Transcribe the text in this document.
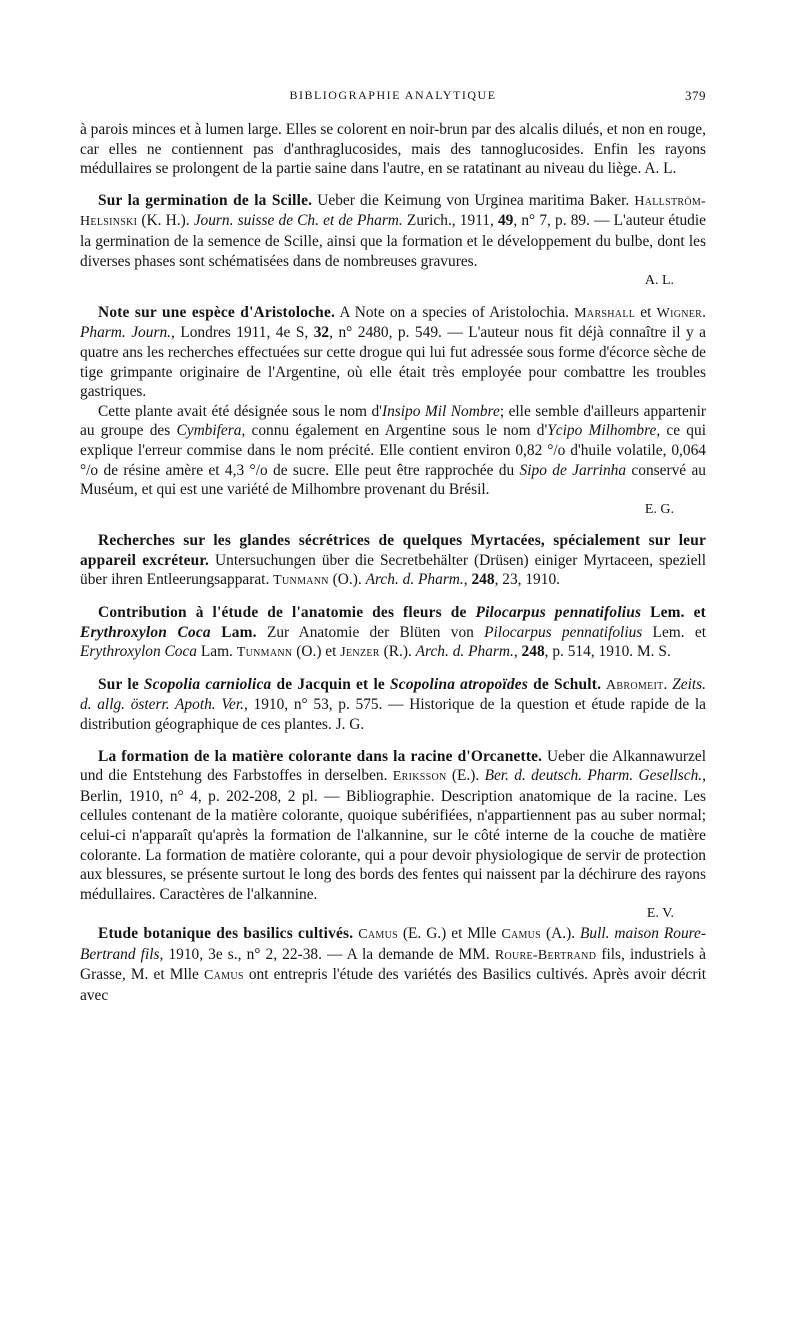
BIBLIOGRAPHIE ANALYTIQUE	379

à parois minces et à lumen large. Elles se colorent en noir-brun par des alcalis dilués, et non en rouge, car elles ne contiennent pas d'anthraglucosides, mais des tannoglucosides. Enfin les rayons médullaires se prolongent de la partie saine dans l'autre, en se ratatinant au niveau du liège. A. L.

Sur la germination de la Scille. Ueber die Keimung von Urginea maritima Baker. Hallström-Helsinski (K. H.). Journ. suisse de Ch. et de Pharm. Zurich., 1911, 49, n° 7, p. 89. — L'auteur étudie la germination de la semence de Scille, ainsi que la formation et le développement du bulbe, dont les diverses phases sont schématisées dans de nombreuses gravures.

A. L.

Note sur une espèce d'Aristoloche. A Note on a species of Aristolochia. Marshall et Wigner. Pharm. Journ., Londres 1911, 4e S, 32, n° 2480, p. 549. — L'auteur nous fit déjà connaître il y a quatre ans les recherches effectuées sur cette drogue qui lui fut adressée sous forme d'écorce sèche de tige grimpante originaire de l'Argentine, où elle était très employée pour combattre les troubles gastriques.

Cette plante avait été désignée sous le nom d'Insipo Mil Nombre; elle semble d'ailleurs appartenir au groupe des Cymbifera, connu également en Argentine sous le nom d'Ycipo Milhombre, ce qui explique l'erreur commise dans le nom précité. Elle contient environ 0,82 °/o d'huile volatile, 0,064 °/o de résine amère et 4,3 °/o de sucre. Elle peut être rapprochée du Sipo de Jarrinha conservé au Muséum, et qui est une variété de Milhombre provenant du Brésil.

E. G.

Recherches sur les glandes sécrétrices de quelques Myrtacées, spécialement sur leur appareil excréteur. Untersuchungen über die Secretbehälter (Drüsen) einiger Myrtaceen, speziell über ihren Entleerungsapparat. Tunmann (O.). Arch. d. Pharm., 248, 23, 1910.

Contribution à l'étude de l'anatomie des fleurs de Pilocarpus pennatifolius Lem. et Erythroxylon Coca Lam. Zur Anatomie der Blüten von Pilocarpus pennatifolius Lem. et Erythroxylon Coca Lam. Tunmann (O.) et Jenzer (R.). Arch. d. Pharm., 248, p. 514, 1910. M. S.

Sur le Scopolia carniolica de Jacquin et le Scopolina atropoïdes de Schult. Abromeit. Zeits. d. allg. österr. Apoth. Ver., 1910, n° 53, p. 575. — Historique de la question et étude rapide de la distribution géographique de ces plantes. J. G.

La formation de la matière colorante dans la racine d'Orcanette. Ueber die Alkannawurzel und die Entstehung des Farbstoffes in derselben. Eriksson (E.). Ber. d. deutsch. Pharm. Gesellsch., Berlin, 1910, n° 4, p. 202-208, 2 pl. — Bibliographie. Description anatomique de la racine. Les cellules contenant de la matière colorante, quoique subérifiées, n'appartiennent pas au suber normal; celui-ci n'apparaît qu'après la formation de l'alkannine, sur le côté interne de la couche de matière colorante. La formation de matière colorante, qui a pour devoir physiologique de servir de protection aux blessures, se présente surtout le long des bords des fentes qui naissent par la déchirure des rayons médullaires. Caractères de l'alkannine.

E. V.

Etude botanique des basilics cultivés. Camus (E. G.) et Mlle Camus (A.). Bull. maison Roure-Bertrand fils, 1910, 3e s., n° 2, 22-38. — A la demande de MM. Roure-Bertrand fils, industriels à Grasse, M. et Mlle Camus ont entrepris l'étude des variétés des Basilics cultivés. Après avoir décrit avec
